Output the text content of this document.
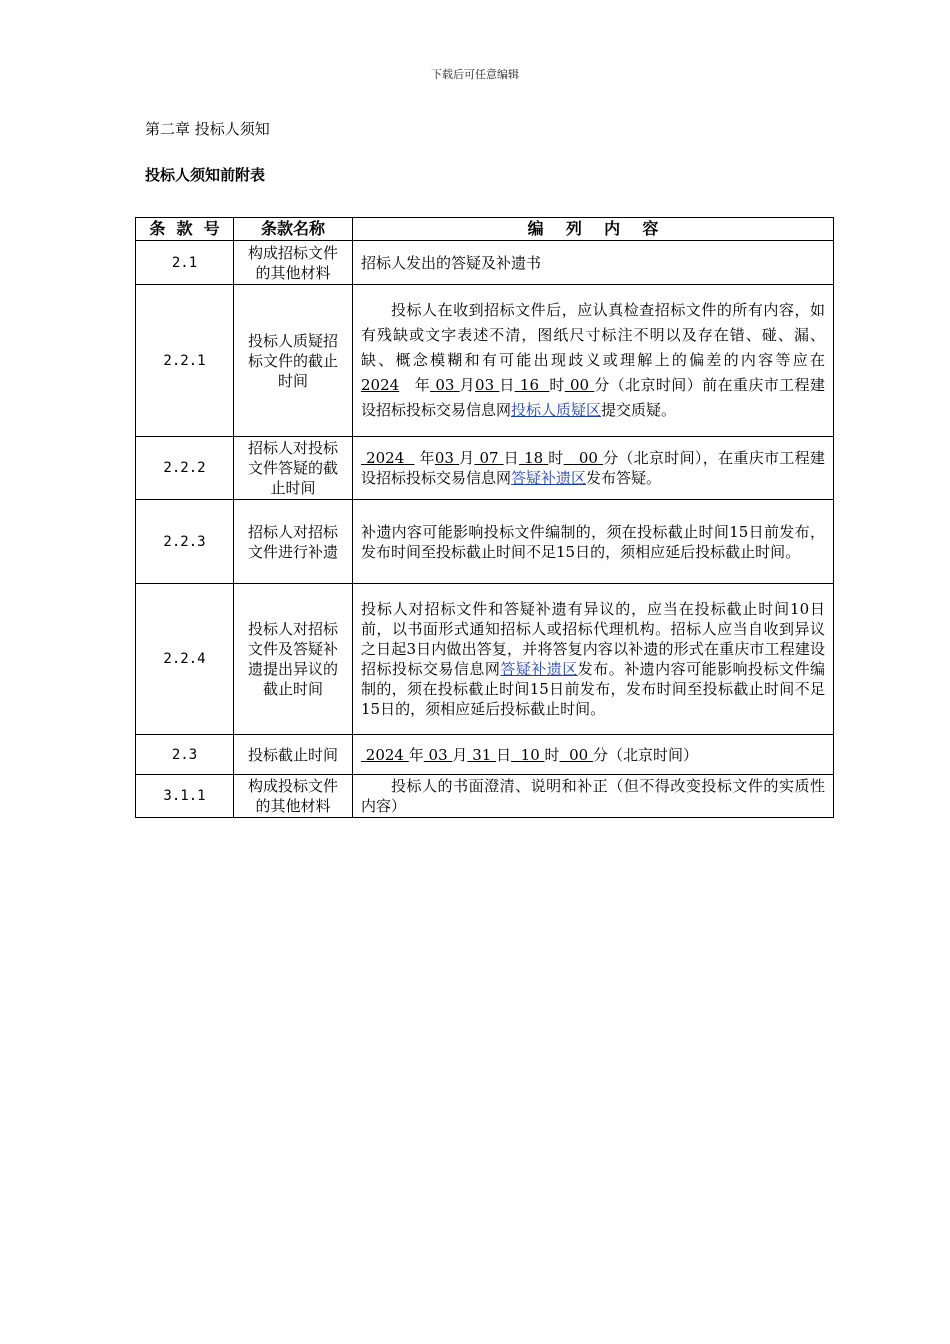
下载后可任意编辑
第二章 投标人须知
投标人须知前附表
条  款  号	条款名称	编    列    内    容
2.1	构成招标文件的其他材料	招标人发出的答疑及补遗书
2.2.1	投标人质疑招标文件的截止时间	投标人在收到招标文件后，应认真检查招标文件的所有内容，如有残缺或文字表述不清，图纸尺寸标注不明以及存在错、碰、漏、缺、概念模糊和有可能出现歧义或理解上的偏差的内容等应在2024 年 03 月03 日 16 时 00 分（北京时间）前在重庆市工程建设招标投标交易信息网投标人质疑区提交质疑。
2.2.2	招标人对投标文件答疑的截止时间	2024 年03 月 07 日 18 时 00 分（北京时间），在重庆市工程建设招标投标交易信息网答疑补遗区发布答疑。
2.2.3	招标人对招标文件进行补遗	补遗内容可能影响投标文件编制的，须在投标截止时间15日前发布，发布时间至投标截止时间不足15日的，须相应延后投标截止时间。
2.2.4	投标人对招标文件及答疑补遗提出异议的截止时间	投标人对招标文件和答疑补遗有异议的，应当在投标截止时间10日前，以书面形式通知招标人或招标代理机构。招标人应当自收到异议之日起3日内做出答复，并将答复内容以补遗的形式在重庆市工程建设招标投标交易信息网答疑补遗区发布。补遗内容可能影响投标文件编制的，须在投标截止时间15日前发布，发布时间至投标截止时间不足15日的，须相应延后投标截止时间。
2.3	投标截止时间	2024 年 03 月 31 日 10 时 00 分（北京时间）
3.1.1	构成投标文件的其他材料	投标人的书面澄清、说明和补正（但不得改变投标文件的实质性内容）
